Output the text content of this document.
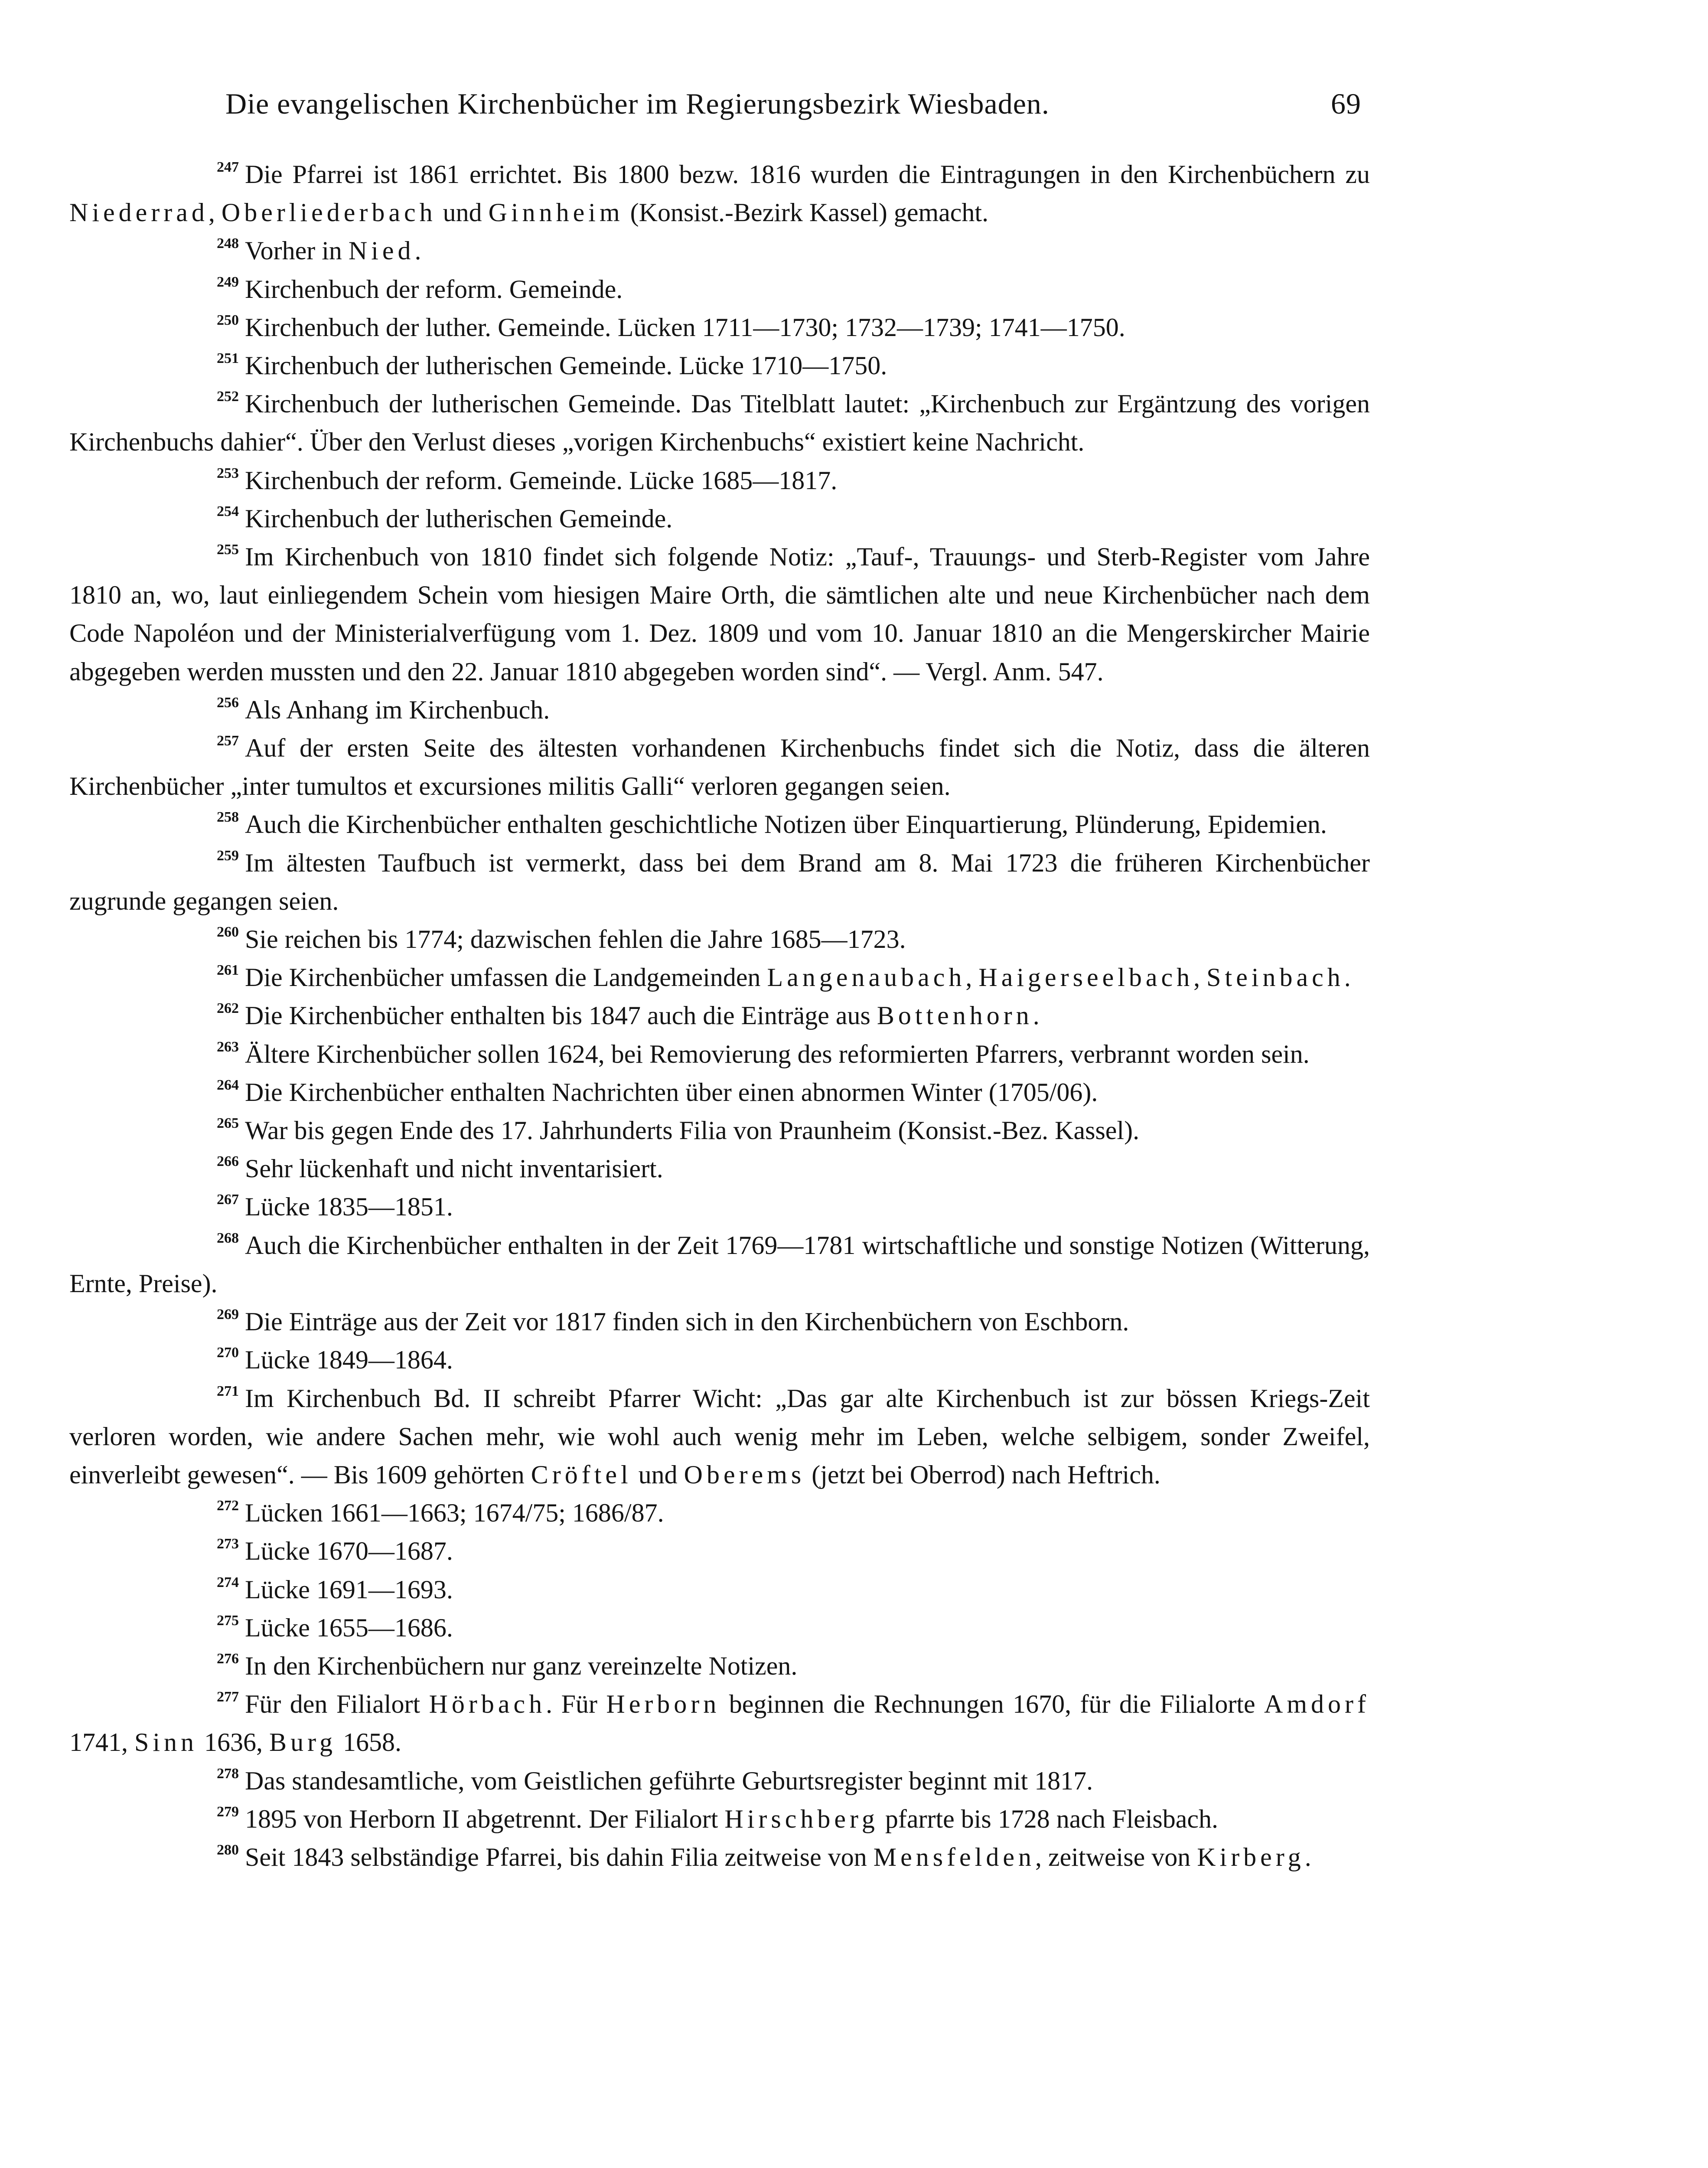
Die evangelischen Kirchenbücher im Regierungsbezirk Wiesbaden.	69

$^{247}$ Die Pfarrei ist 1861 errichtet. Bis 1800 bezw. 1816 wurden die Eintragungen in den Kirchenbüchern zu Niederrad, Oberliederbach und Ginnheim (Konsist.-Bezirk Kassel) gemacht.

$^{248}$ Vorher in Nied.

$^{249}$ Kirchenbuch der reform. Gemeinde.

$^{250}$ Kirchenbuch der luther. Gemeinde. Lücken 1711—1730; 1732—1739; 1741—1750.

$^{251}$ Kirchenbuch der lutherischen Gemeinde. Lücke 1710—1750.

$^{252}$ Kirchenbuch der lutherischen Gemeinde. Das Titelblatt lautet: „Kirchenbuch zur Ergäntzung des vorigen Kirchenbuchs dahier“. Über den Verlust dieses „vorigen Kirchenbuchs“ existiert keine Nachricht.

$^{253}$ Kirchenbuch der reform. Gemeinde. Lücke 1685—1817.

$^{254}$ Kirchenbuch der lutherischen Gemeinde.

$^{255}$ Im Kirchenbuch von 1810 findet sich folgende Notiz: „Tauf-, Trauungs- und Sterb-Register vom Jahre 1810 an, wo, laut einliegendem Schein vom hiesigen Maire Orth, die sämtlichen alte und neue Kirchenbücher nach dem Code Napoléon und der Ministerialverfügung vom 1. Dez. 1809 und vom 10. Januar 1810 an die Mengerskircher Mairie abgegeben werden mussten und den 22. Januar 1810 abgegeben worden sind“. — Vergl. Anm. 547.

$^{256}$ Als Anhang im Kirchenbuch.

$^{257}$ Auf der ersten Seite des ältesten vorhandenen Kirchenbuchs findet sich die Notiz, dass die älteren Kirchenbücher „inter tumultos et excursiones militis Galli“ verloren gegangen seien.

$^{258}$ Auch die Kirchenbücher enthalten geschichtliche Notizen über Einquartierung, Plünderung, Epidemien.

$^{259}$ Im ältesten Taufbuch ist vermerkt, dass bei dem Brand am 8. Mai 1723 die früheren Kirchenbücher zugrunde gegangen seien.

$^{260}$ Sie reichen bis 1774; dazwischen fehlen die Jahre 1685—1723.

$^{261}$ Die Kirchenbücher umfassen die Landgemeinden Langenaubach, Haigerseelbach, Steinbach.

$^{262}$ Die Kirchenbücher enthalten bis 1847 auch die Einträge aus Bottenhorn.

$^{263}$ Ältere Kirchenbücher sollen 1624, bei Removierung des reformierten Pfarrers, verbrannt worden sein.

$^{264}$ Die Kirchenbücher enthalten Nachrichten über einen abnormen Winter (1705/06).

$^{265}$ War bis gegen Ende des 17. Jahrhunderts Filia von Praunheim (Konsist.-Bez. Kassel).

$^{266}$ Sehr lückenhaft und nicht inventarisiert.

$^{267}$ Lücke 1835—1851.

$^{268}$ Auch die Kirchenbücher enthalten in der Zeit 1769—1781 wirtschaftliche und sonstige Notizen (Witterung, Ernte, Preise).

$^{269}$ Die Einträge aus der Zeit vor 1817 finden sich in den Kirchenbüchern von Eschborn.

$^{270}$ Lücke 1849—1864.

$^{271}$ Im Kirchenbuch Bd. II schreibt Pfarrer Wicht: „Das gar alte Kirchenbuch ist zur bössen Kriegs-Zeit verloren worden, wie andere Sachen mehr, wie wohl auch wenig mehr im Leben, welche selbigem, sonder Zweifel, einverleibt gewesen“. — Bis 1609 gehörten Cröftel und Oberems (jetzt bei Oberrod) nach Heftrich.

$^{272}$ Lücken 1661—1663; 1674/75; 1686/87.

$^{273}$ Lücke 1670—1687.

$^{274}$ Lücke 1691—1693.

$^{275}$ Lücke 1655—1686.

$^{276}$ In den Kirchenbüchern nur ganz vereinzelte Notizen.

$^{277}$ Für den Filialort Hörbach. Für Herborn beginnen die Rechnungen 1670, für die Filialorte Amdorf 1741, Sinn 1636, Burg 1658.

$^{278}$ Das standesamtliche, vom Geistlichen geführte Geburtsregister beginnt mit 1817.

$^{279}$ 1895 von Herborn II abgetrennt. Der Filialort Hirschberg pfarrte bis 1728 nach Fleisbach.

$^{280}$ Seit 1843 selbständige Pfarrei, bis dahin Filia zeitweise von Mensfelden, zeitweise von Kirberg.
